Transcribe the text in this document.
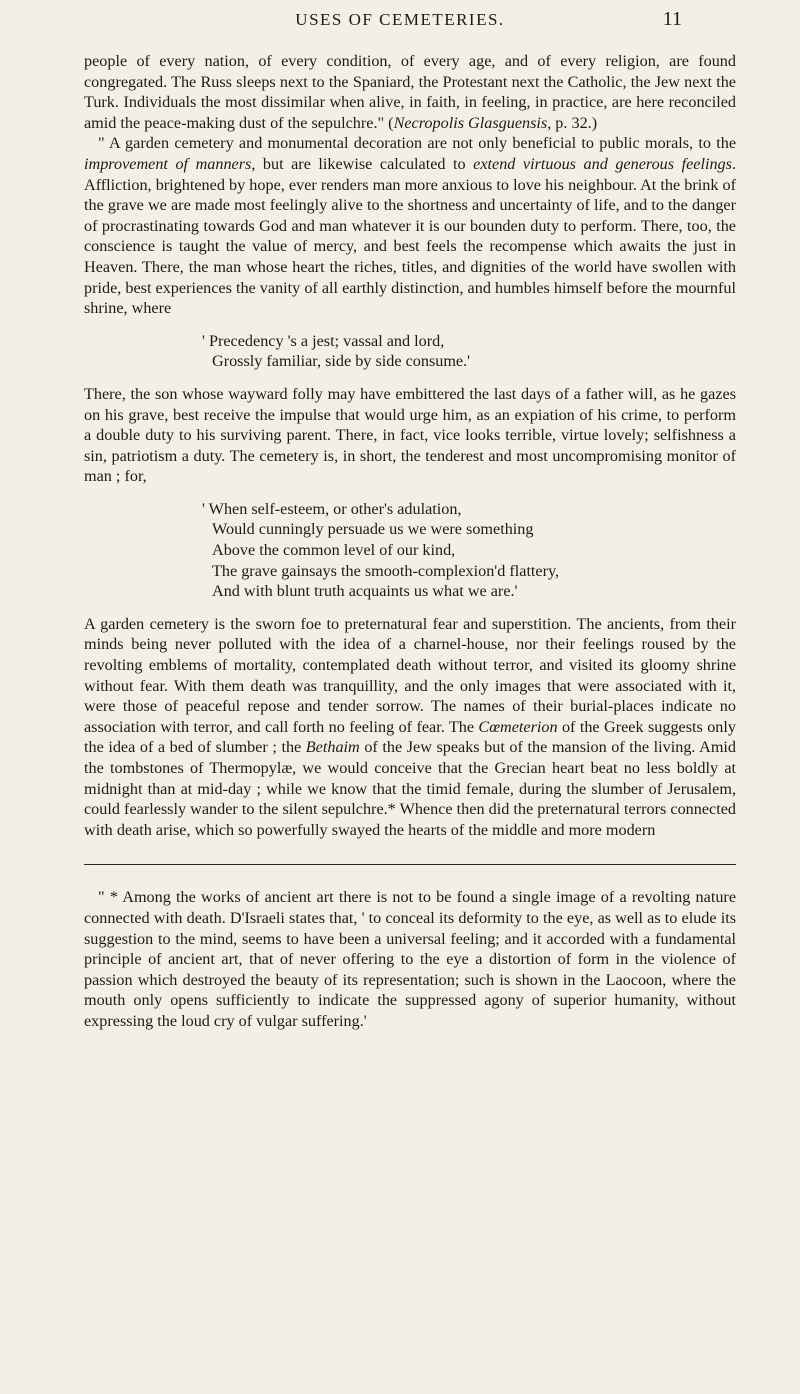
USES OF CEMETERIES.	11

people of every nation, of every condition, of every age, and of every religion, are found congregated. The Russ sleeps next to the Spaniard, the Protestant next the Catholic, the Jew next the Turk. Individuals the most dissimilar when alive, in faith, in feeling, in practice, are here reconciled amid the peace-making dust of the sepulchre." (Necropolis Glasguensis, p. 32.)

" A garden cemetery and monumental decoration are not only beneficial to public morals, to the improvement of manners, but are likewise calculated to extend virtuous and generous feelings. Affliction, brightened by hope, ever renders man more anxious to love his neighbour. At the brink of the grave we are made most feelingly alive to the shortness and uncertainty of life, and to the danger of procrastinating towards God and man whatever it is our bounden duty to perform. There, too, the conscience is taught the value of mercy, and best feels the recompense which awaits the just in Heaven. There, the man whose heart the riches, titles, and dignities of the world have swollen with pride, best experiences the vanity of all earthly distinction, and humbles himself before the mournful shrine, where

' Precedency 's a jest; vassal and lord,
Grossly familiar, side by side consume.'

There, the son whose wayward folly may have embittered the last days of a father will, as he gazes on his grave, best receive the impulse that would urge him, as an expiation of his crime, to perform a double duty to his surviving parent. There, in fact, vice looks terrible, virtue lovely; selfishness a sin, patriotism a duty. The cemetery is, in short, the tenderest and most uncompromising monitor of man ; for,

' When self-esteem, or other's adulation,
Would cunningly persuade us we were something
Above the common level of our kind,
The grave gainsays the smooth-complexion'd flattery,
And with blunt truth acquaints us what we are.'

A garden cemetery is the sworn foe to preternatural fear and superstition. The ancients, from their minds being never polluted with the idea of a charnel-house, nor their feelings roused by the revolting emblems of mortality, contemplated death without terror, and visited its gloomy shrine without fear. With them death was tranquillity, and the only images that were associated with it, were those of peaceful repose and tender sorrow. The names of their burial-places indicate no association with terror, and call forth no feeling of fear. The Cœmeterion of the Greek suggests only the idea of a bed of slumber ; the Bethaim of the Jew speaks but of the mansion of the living. Amid the tombstones of Thermopylæ, we would conceive that the Grecian heart beat no less boldly at midnight than at mid-day ; while we know that the timid female, during the slumber of Jerusalem, could fearlessly wander to the silent sepulchre.* Whence then did the preternatural terrors connected with death arise, which so powerfully swayed the hearts of the middle and more modern

" * Among the works of ancient art there is not to be found a single image of a revolting nature connected with death. D'Israeli states that, ' to conceal its deformity to the eye, as well as to elude its suggestion to the mind, seems to have been a universal feeling; and it accorded with a fundamental principle of ancient art, that of never offering to the eye a distortion of form in the violence of passion which destroyed the beauty of its representation; such is shown in the Laocoon, where the mouth only opens sufficiently to indicate the suppressed agony of superior humanity, without expressing the loud cry of vulgar suffering.'
